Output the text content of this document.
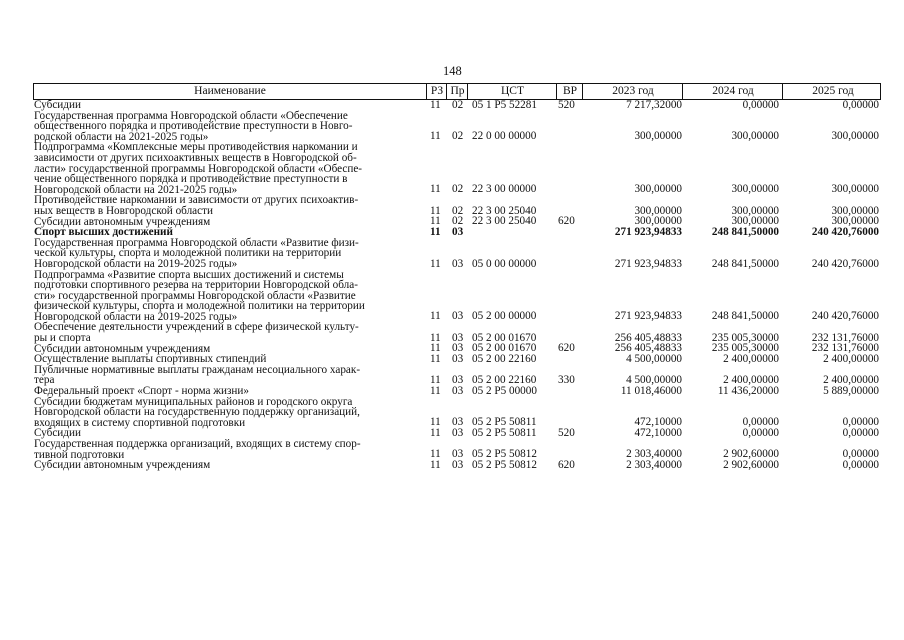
148
Наименование	РЗ Пр	ЦСТ	ВР	2023 год	2024 год	2025 год
Субсидии	11	02 05 1 P5 52281	520	7 217,32000	0,00000	0,00000
Государственная программа Новгородской области «Обеспечение
общественного порядка и противодействие преступности в Новго-
родской области на 2021-2025 годы»	11	02 22 0 00 00000	300,00000	300,00000	300,00000
Подпрограмма «Комплексные меры противодействия наркомании и
зависимости от других психоактивных веществ в Новгородской об-
ласти» государственной программы Новгородской области «Обеспе-
чение общественного порядка и противодействие преступности в
Новгородской области на 2021-2025 годы»	11	02 22 3 00 00000	300,00000	300,00000	300,00000
Противодействие наркомании и зависимости от других психоактив-
ных веществ в Новгородской области	11	02 22 3 00 25040	300,00000	300,00000	300,00000
Субсидии автономным учреждениям	11	02 22 3 00 25040	620	300,00000	300,00000	300,00000
Спорт высших достижений	11	03	271 923,94833	248 841,50000	240 420,76000
Государственная программа Новгородской области «Развитие физи-
ческой культуры, спорта и молодежной политики на территории
Новгородской области на 2019-2025 годы»	11	03 05 0 00 00000	271 923,94833	248 841,50000	240 420,76000
Подпрограмма «Развитие спорта высших достижений и системы
подготовки спортивного резерва на территории Новгородской обла-
сти» государственной программы Новгородской области «Развитие
физической культуры, спорта и молодежной политики на территории
Новгородской области на 2019-2025 годы»	11	03 05 2 00 00000	271 923,94833	248 841,50000	240 420,76000
Обеспечение деятельности учреждений в сфере физической культу-
ры и спорта	11	03 05 2 00 01670	256 405,48833	235 005,30000	232 131,76000
Субсидии автономным учреждениям	11	03 05 2 00 01670	620	256 405,48833	235 005,30000	232 131,76000
Осуществление выплаты спортивных стипендий	11	03 05 2 00 22160	4 500,00000	2 400,00000	2 400,00000
Публичные нормативные выплаты гражданам несоциального харак-
тера	11	03 05 2 00 22160	330	4 500,00000	2 400,00000	2 400,00000
Федеральный проект «Спорт - норма жизни»	11	03 05 2 P5 00000	11 018,46000	11 436,20000	5 889,00000
Субсидии бюджетам муниципальных районов и городского округа
Новгородской области на государственную поддержку организаций,
входящих в систему спортивной подготовки	11	03 05 2 P5 50811	472,10000	0,00000	0,00000
Субсидии	11	03 05 2 P5 50811	520	472,10000	0,00000	0,00000
Государственная поддержка организаций, входящих в систему спор-
тивной подготовки	11	03 05 2 P5 50812	2 303,40000	2 902,60000	0,00000
Субсидии автономным учреждениям	11	03 05 2 P5 50812	620	2 303,40000	2 902,60000	0,00000
